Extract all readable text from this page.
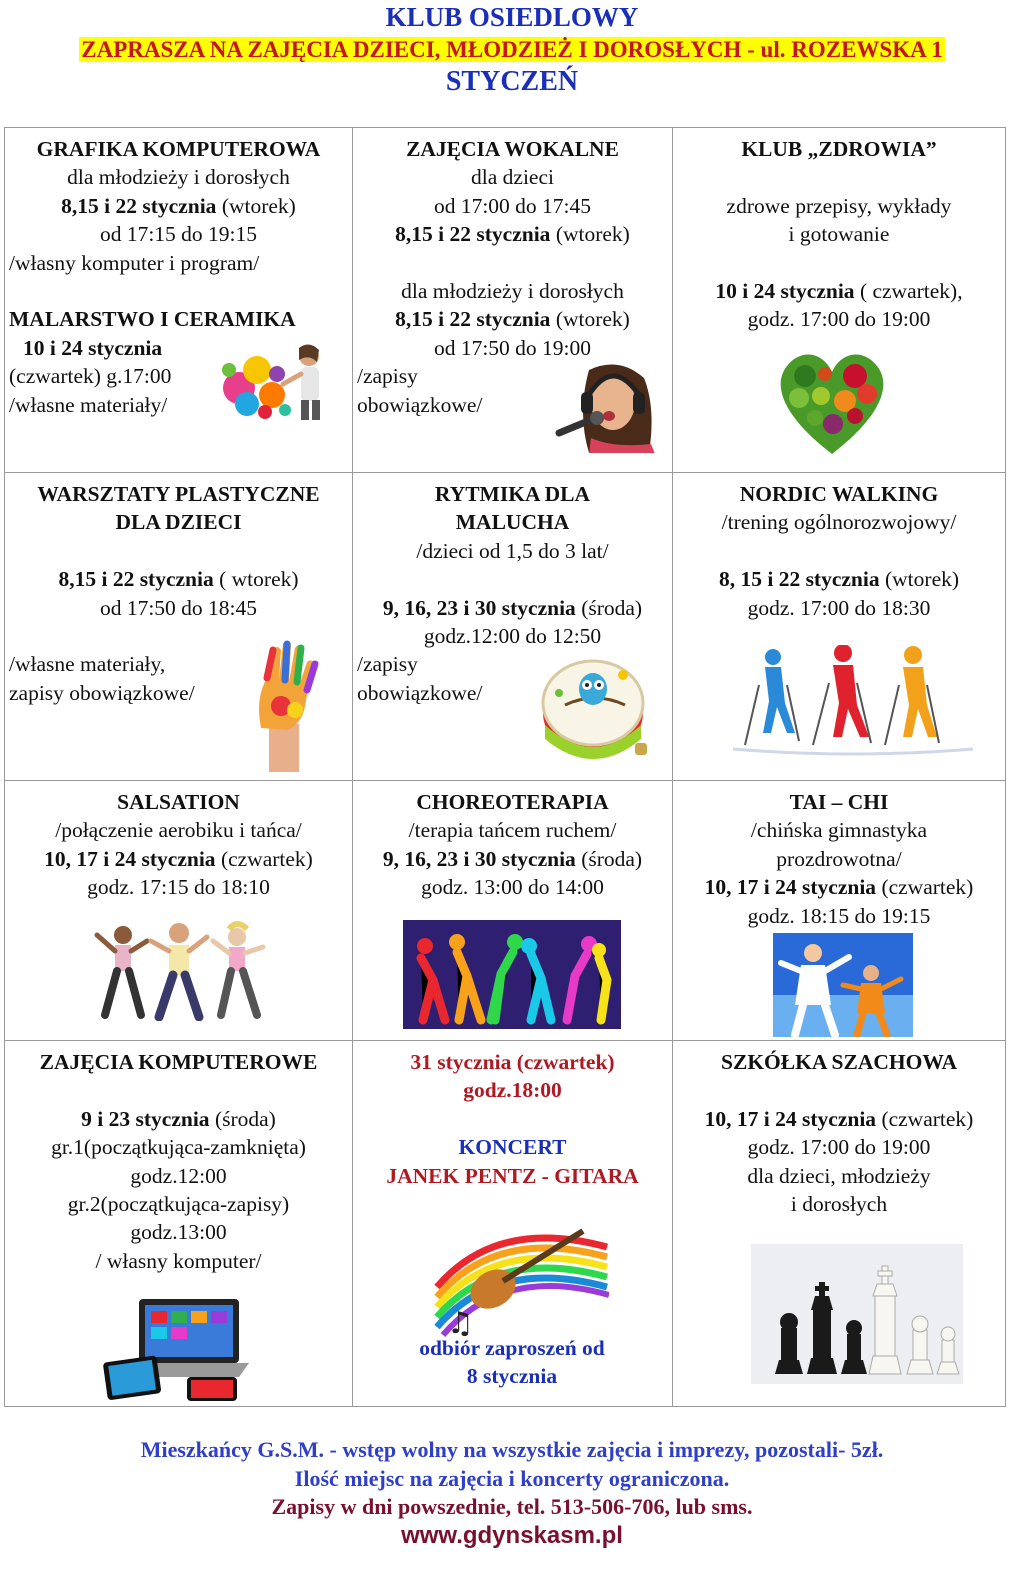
KLUB OSIEDLOWY
ZAPRASZA NA ZAJĘCIA DZIECI, MŁODZIEŻ I DOROSŁYCH - ul. ROZEWSKA 1
STYCZEŃ
GRAFIKA KOMPUTEROWA
dla młodzieży i dorosłych
8,15 i 22 stycznia (wtorek)
od 17:15 do 19:15
/własny komputer i program/
MALARSTWO I CERAMIKA
10 i 24 stycznia
(czwartek) g.17:00
/własne materiały/
ZAJĘCIA WOKALNE
dla dzieci
od 17:00 do 17:45
8,15 i 22 stycznia (wtorek)
dla młodzieży i dorosłych
8,15 i 22 stycznia (wtorek)
od 17:50 do 19:00
/zapisy
obowiązkowe/
KLUB „ZDROWIA”
zdrowe przepisy, wykłady
i gotowanie
10 i 24 stycznia ( czwartek),
godz. 17:00 do 19:00
WARSZTATY PLASTYCZNE
DLA DZIECI
8,15 i 22 stycznia ( wtorek)
od 17:50 do 18:45
/własne materiały,
zapisy obowiązkowe/
RYTMIKA DLA
MALUCHA
/dzieci od 1,5 do 3 lat/
9, 16, 23 i 30 stycznia (środa)
godz.12:00 do 12:50
/zapisy
obowiązkowe/
NORDIC WALKING
/trening ogólnorozwojowy/
8, 15 i 22 stycznia (wtorek)
godz. 17:00 do 18:30
SALSATION
/połączenie aerobiku i tańca/
10, 17 i 24 stycznia (czwartek)
godz. 17:15 do 18:10
CHOREOTERAPIA
/terapia tańcem ruchem/
9, 16, 23 i 30 stycznia (środa)
godz. 13:00 do 14:00
TAI – CHI
/chińska gimnastyka
prozdrowotna/
10, 17 i 24 stycznia (czwartek)
godz. 18:15 do 19:15
ZAJĘCIA KOMPUTEROWE
9 i 23 stycznia (środa)
gr.1(początkująca-zamknięta)
godz.12:00
gr.2(początkująca-zapisy)
godz.13:00
/ własny komputer/
31 stycznia (czwartek)
godz.18:00
KONCERT
JANEK PENTZ - GITARA
♫
odbiór zaproszeń od
8 stycznia
SZKÓŁKA SZACHOWA
10, 17 i 24 stycznia (czwartek)
godz. 17:00 do 19:00
dla dzieci, młodzieży
i dorosłych
Mieszkańcy G.S.M. - wstęp wolny na wszystkie zajęcia i imprezy, pozostali- 5zł.
Ilość miejsc na zajęcia i koncerty ograniczona.
Zapisy w dni powszednie, tel. 513-506-706, lub sms.
www.gdynskasm.pl
